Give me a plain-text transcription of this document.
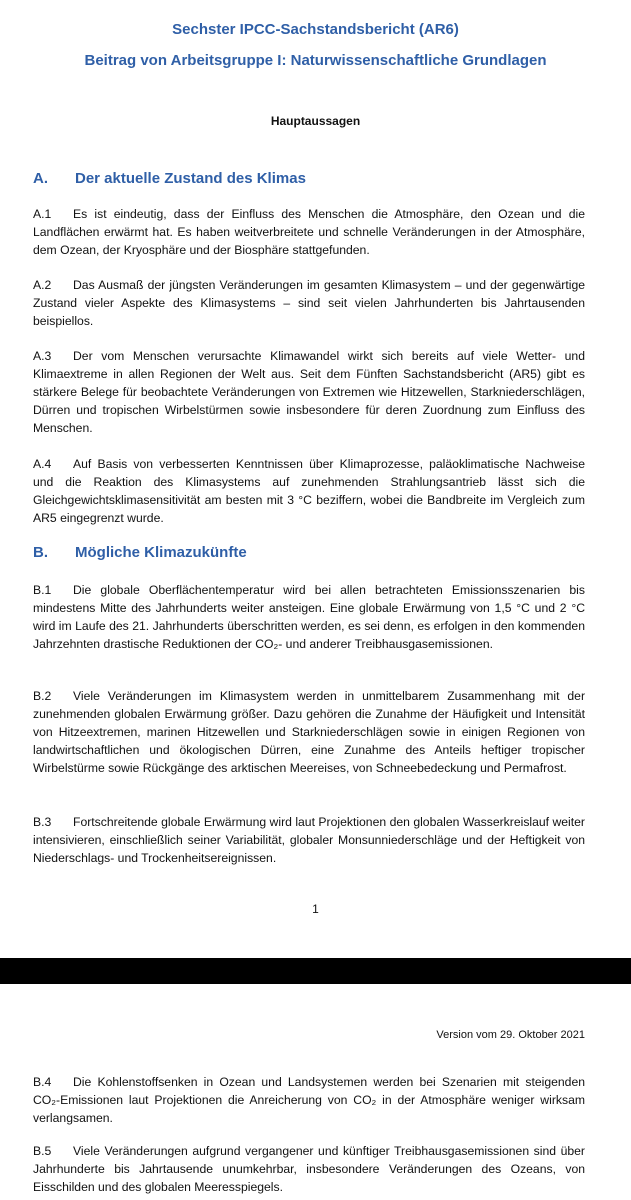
Sechster IPCC-Sachstandsbericht (AR6)
Beitrag von Arbeitsgruppe I: Naturwissenschaftliche Grundlagen
Hauptaussagen
A. Der aktuelle Zustand des Klimas
A.1 Es ist eindeutig, dass der Einfluss des Menschen die Atmosphäre, den Ozean und die Landflächen erwärmt hat. Es haben weitverbreitete und schnelle Veränderungen in der Atmosphäre, dem Ozean, der Kryosphäre und der Biosphäre stattgefunden.
A.2 Das Ausmaß der jüngsten Veränderungen im gesamten Klimasystem – und der gegenwärtige Zustand vieler Aspekte des Klimasystems – sind seit vielen Jahrhunderten bis Jahrtausenden beispiellos.
A.3 Der vom Menschen verursachte Klimawandel wirkt sich bereits auf viele Wetter- und Klimaextreme in allen Regionen der Welt aus. Seit dem Fünften Sachstandsbericht (AR5) gibt es stärkere Belege für beobachtete Veränderungen von Extremen wie Hitzewellen, Starkniederschlägen, Dürren und tropischen Wirbelstürmen sowie insbesondere für deren Zuordnung zum Einfluss des Menschen.
A.4 Auf Basis von verbesserten Kenntnissen über Klimaprozesse, paläoklimatische Nachweise und die Reaktion des Klimasystems auf zunehmenden Strahlungsantrieb lässt sich die Gleichgewichtsklimasensitivität am besten mit 3 °C beziffern, wobei die Bandbreite im Vergleich zum AR5 eingegrenzt wurde.
B. Mögliche Klimazukünfte
B.1 Die globale Oberflächentemperatur wird bei allen betrachteten Emissionsszenarien bis mindestens Mitte des Jahrhunderts weiter ansteigen. Eine globale Erwärmung von 1,5 °C und 2 °C wird im Laufe des 21. Jahrhunderts überschritten werden, es sei denn, es erfolgen in den kommenden Jahrzehnten drastische Reduktionen der CO₂- und anderer Treibhausgasemissionen.
B.2 Viele Veränderungen im Klimasystem werden in unmittelbarem Zusammenhang mit der zunehmenden globalen Erwärmung größer. Dazu gehören die Zunahme der Häufigkeit und Intensität von Hitzeextremen, marinen Hitzewellen und Starkniederschlägen sowie in einigen Regionen von landwirtschaftlichen und ökologischen Dürren, eine Zunahme des Anteils heftiger tropischer Wirbelstürme sowie Rückgänge des arktischen Meereises, von Schneebedeckung und Permafrost.
B.3 Fortschreitende globale Erwärmung wird laut Projektionen den globalen Wasserkreislauf weiter intensivieren, einschließlich seiner Variabilität, globaler Monsunniederschläge und der Heftigkeit von Niederschlags- und Trockenheitsereignissen.
1
Version vom 29. Oktober 2021
B.4 Die Kohlenstoffsenken in Ozean und Landsystemen werden bei Szenarien mit steigenden CO₂-Emissionen laut Projektionen die Anreicherung von CO₂ in der Atmosphäre weniger wirksam verlangsamen.
B.5 Viele Veränderungen aufgrund vergangener und künftiger Treibhausgasemissionen sind über Jahrhunderte bis Jahrtausende unumkehrbar, insbesondere Veränderungen des Ozeans, von Eisschilden und des globalen Meeresspiegels.
